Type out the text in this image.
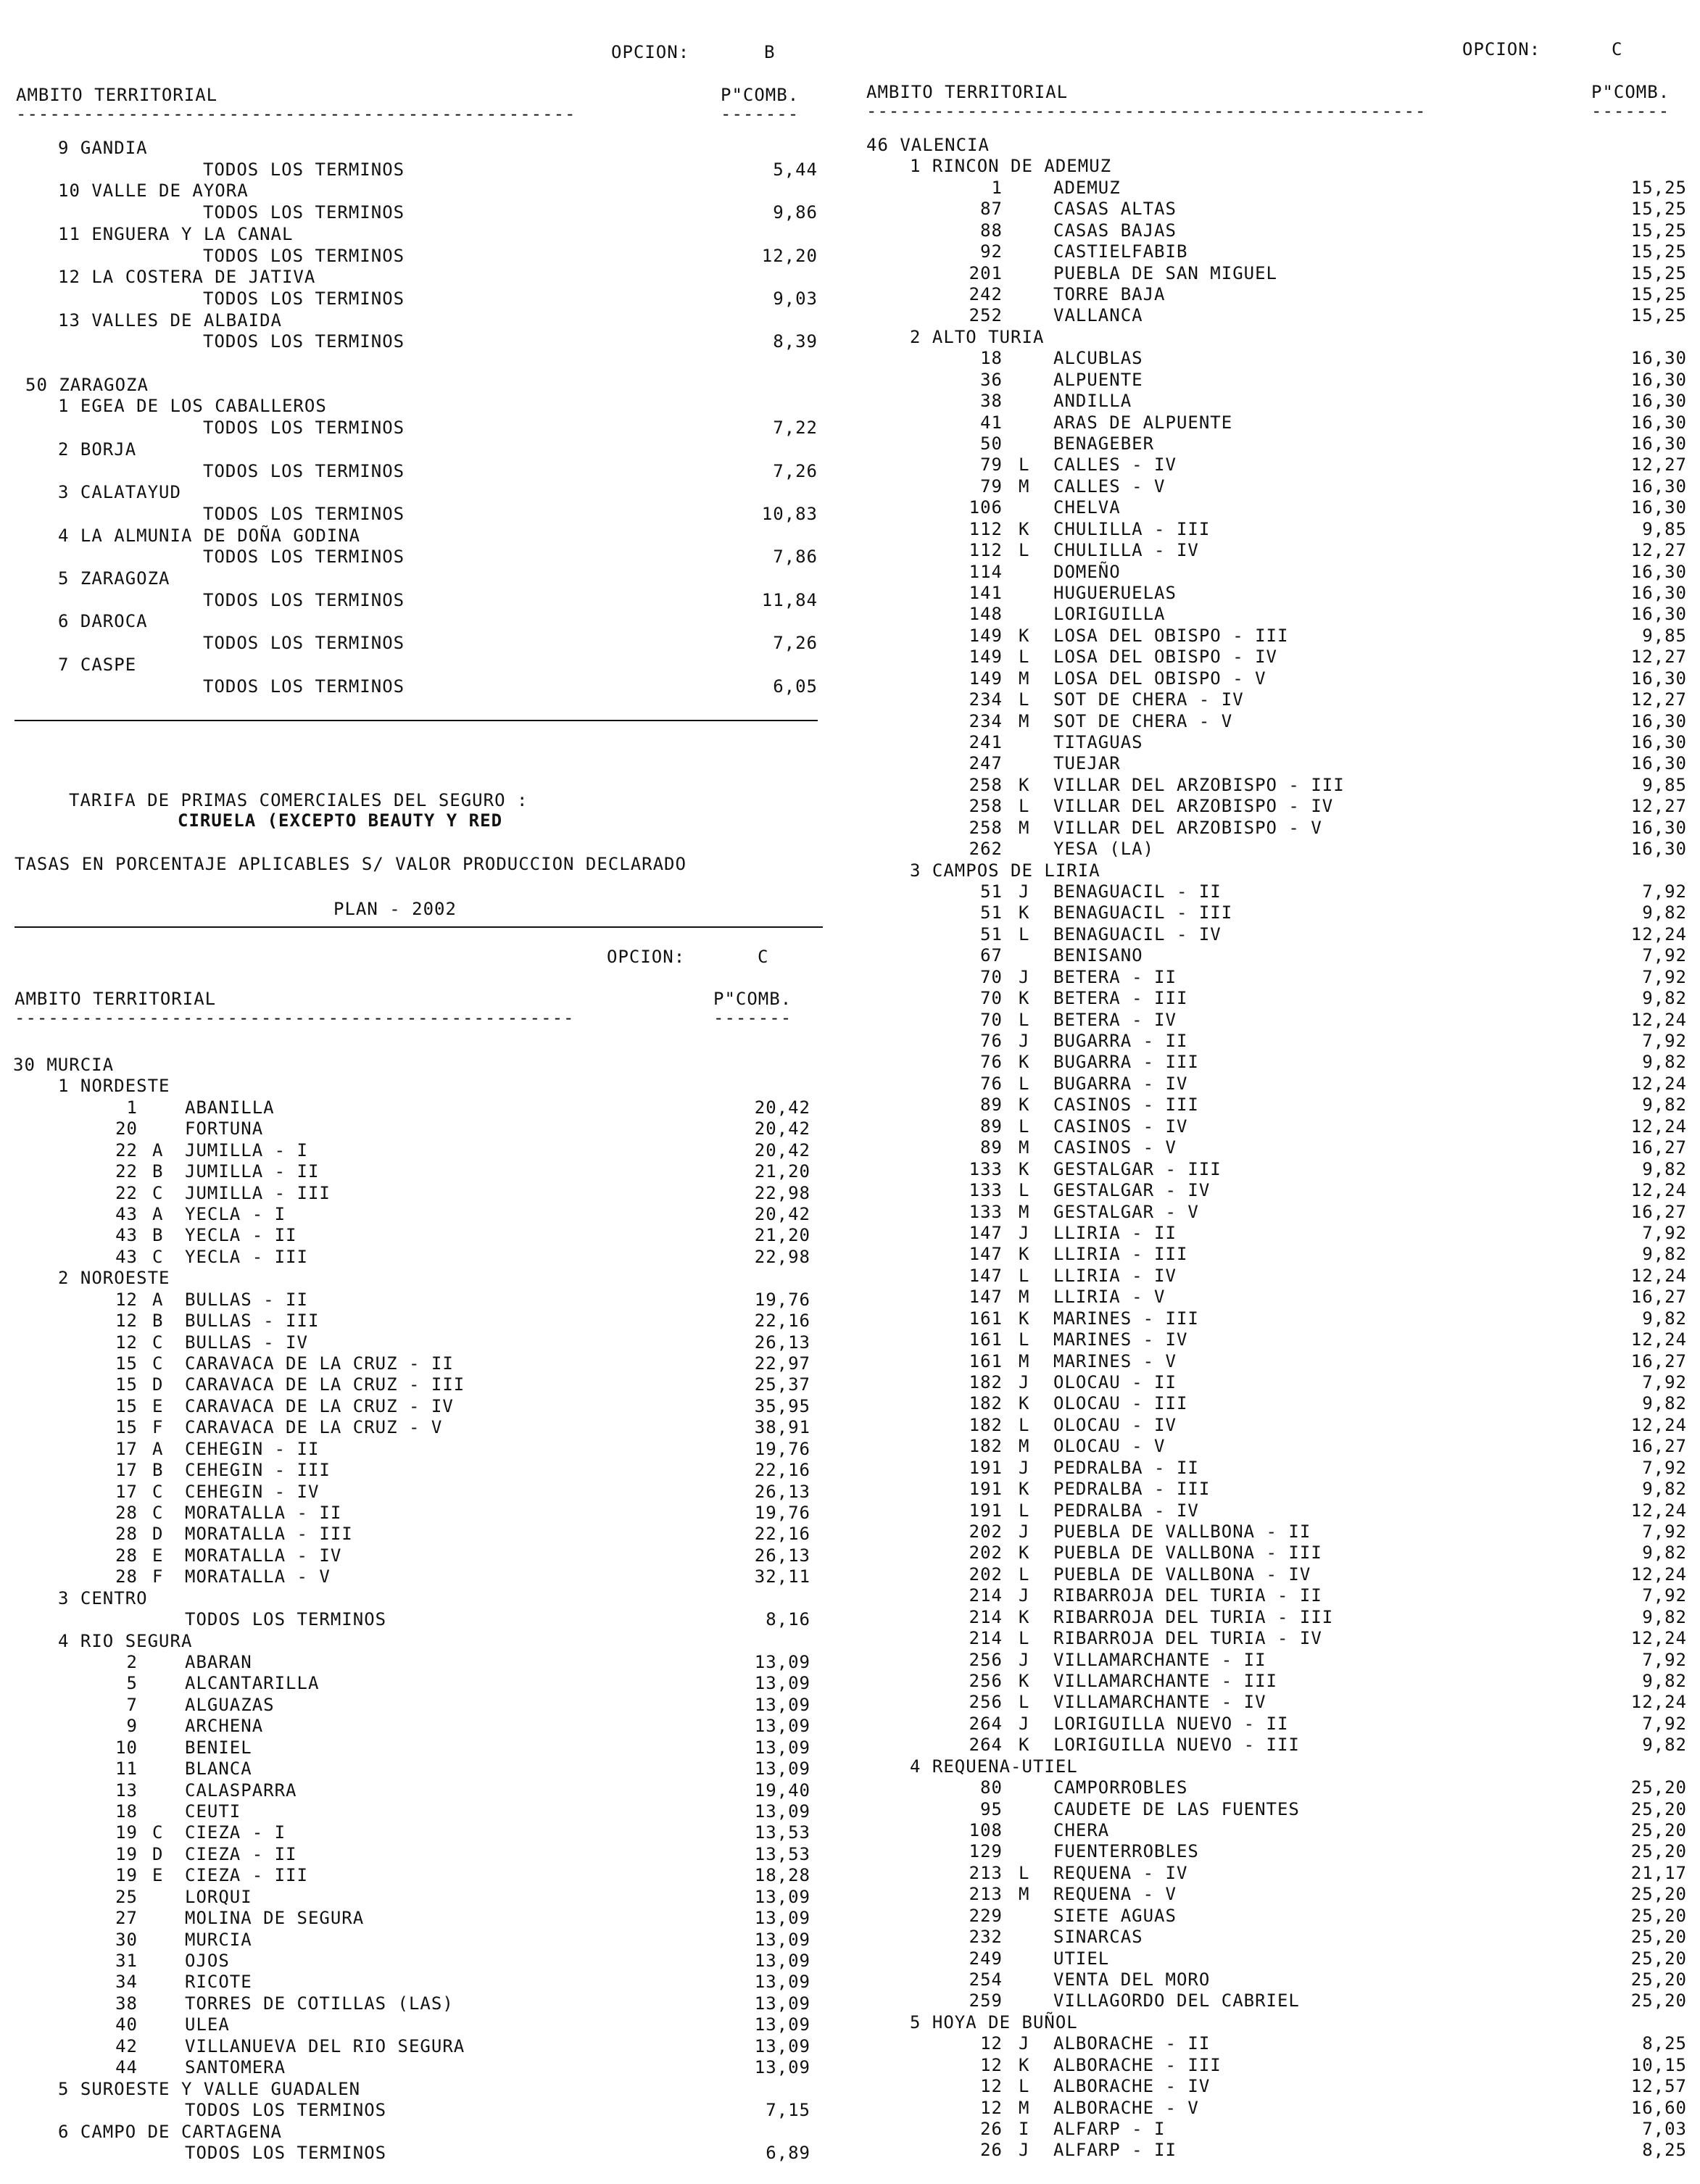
OPCION:	B
AMBITO TERRITORIAL	P"COMB.
--------------------------------------------------	-------
9 GANDIA
TODOS LOS TERMINOS	5,44
10 VALLE DE AYORA
TODOS LOS TERMINOS	9,86
11 ENGUERA Y LA CANAL
TODOS LOS TERMINOS	12,20
12 LA COSTERA DE JATIVA
TODOS LOS TERMINOS	9,03
13 VALLES DE ALBAIDA
TODOS LOS TERMINOS	8,39
50 ZARAGOZA
1 EGEA DE LOS CABALLEROS
TODOS LOS TERMINOS	7,22
2 BORJA
TODOS LOS TERMINOS	7,26
3 CALATAYUD
TODOS LOS TERMINOS	10,83
4 LA ALMUNIA DE DOÑA GODINA
TODOS LOS TERMINOS	7,86
5 ZARAGOZA
TODOS LOS TERMINOS	11,84
6 DAROCA
TODOS LOS TERMINOS	7,26
7 CASPE
TODOS LOS TERMINOS	6,05
TARIFA DE PRIMAS COMERCIALES DEL SEGURO :
CIRUELA (EXCEPTO BEAUTY Y RED
TASAS EN PORCENTAJE APLICABLES S/ VALOR PRODUCCION DECLARADO
PLAN - 2002
OPCION:	C
AMBITO TERRITORIAL	P"COMB.
--------------------------------------------------	-------
30 MURCIA
1 NORDESTE
1	ABANILLA	20,42
20	FORTUNA	20,42
22 A JUMILLA - I	20,42
22 B JUMILLA - II	21,20
22 C JUMILLA - III	22,98
43 A YECLA - I	20,42
43 B YECLA - II	21,20
43 C YECLA - III	22,98
2 NOROESTE
12 A BULLAS - II	19,76
12 B BULLAS - III	22,16
12 C BULLAS - IV	26,13
15 C CARAVACA DE LA CRUZ - II	22,97
15 D CARAVACA DE LA CRUZ - III	25,37
15 E CARAVACA DE LA CRUZ - IV	35,95
15 F CARAVACA DE LA CRUZ - V	38,91
17 A CEHEGIN - II	19,76
17 B CEHEGIN - III	22,16
17 C CEHEGIN - IV	26,13
28 C MORATALLA - II	19,76
28 D MORATALLA - III	22,16
28 E MORATALLA - IV	26,13
28 F MORATALLA - V	32,11
3 CENTRO
TODOS LOS TERMINOS	8,16
4 RIO SEGURA
2	ABARAN	13,09
5	ALCANTARILLA	13,09
7	ALGUAZAS	13,09
9	ARCHENA	13,09
10	BENIEL	13,09
11	BLANCA	13,09
13	CALASPARRA	19,40
18	CEUTI	13,09
19 C CIEZA - I	13,53
19 D CIEZA - II	13,53
19 E CIEZA - III	18,28
25	LORQUI	13,09
27	MOLINA DE SEGURA	13,09
30	MURCIA	13,09
31	OJOS	13,09
34	RICOTE	13,09
38	TORRES DE COTILLAS (LAS)	13,09
40	ULEA	13,09
42	VILLANUEVA DEL RIO SEGURA	13,09
44	SANTOMERA	13,09
5 SUROESTE Y VALLE GUADALEN
TODOS LOS TERMINOS	7,15
6 CAMPO DE CARTAGENA
TODOS LOS TERMINOS	6,89
OPCION:	C
AMBITO TERRITORIAL	P"COMB.
--------------------------------------------------	-------
46 VALENCIA
1 RINCON DE ADEMUZ
1	ADEMUZ	15,25
87	CASAS ALTAS	15,25
88	CASAS BAJAS	15,25
92	CASTIELFABIB	15,25
201	PUEBLA DE SAN MIGUEL	15,25
242	TORRE BAJA	15,25
252	VALLANCA	15,25
2 ALTO TURIA
18	ALCUBLAS	16,30
36	ALPUENTE	16,30
38	ANDILLA	16,30
41	ARAS DE ALPUENTE	16,30
50	BENAGEBER	16,30
79 L CALLES - IV	12,27
79 M CALLES - V	16,30
106	CHELVA	16,30
112 K CHULILLA - III	9,85
112 L CHULILLA - IV	12,27
114	DOMEÑO	16,30
141	HUGUERUELAS	16,30
148	LORIGUILLA	16,30
149 K LOSA DEL OBISPO - III	9,85
149 L LOSA DEL OBISPO - IV	12,27
149 M LOSA DEL OBISPO - V	16,30
234 L SOT DE CHERA - IV	12,27
234 M SOT DE CHERA - V	16,30
241	TITAGUAS	16,30
247	TUEJAR	16,30
258 K VILLAR DEL ARZOBISPO - III	9,85
258 L VILLAR DEL ARZOBISPO - IV	12,27
258 M VILLAR DEL ARZOBISPO - V	16,30
262	YESA (LA)	16,30
3 CAMPOS DE LIRIA
51 J BENAGUACIL - II	7,92
51 K BENAGUACIL - III	9,82
51 L BENAGUACIL - IV	12,24
67	BENISANO	7,92
70 J BETERA - II	7,92
70 K BETERA - III	9,82
70 L BETERA - IV	12,24
76 J BUGARRA - II	7,92
76 K BUGARRA - III	9,82
76 L BUGARRA - IV	12,24
89 K CASINOS - III	9,82
89 L CASINOS - IV	12,24
89 M CASINOS - V	16,27
133 K GESTALGAR - III	9,82
133 L GESTALGAR - IV	12,24
133 M GESTALGAR - V	16,27
147 J LLIRIA - II	7,92
147 K LLIRIA - III	9,82
147 L LLIRIA - IV	12,24
147 M LLIRIA - V	16,27
161 K MARINES - III	9,82
161 L MARINES - IV	12,24
161 M MARINES - V	16,27
182 J OLOCAU - II	7,92
182 K OLOCAU - III	9,82
182 L OLOCAU - IV	12,24
182 M OLOCAU - V	16,27
191 J PEDRALBA - II	7,92
191 K PEDRALBA - III	9,82
191 L PEDRALBA - IV	12,24
202 J PUEBLA DE VALLBONA - II	7,92
202 K PUEBLA DE VALLBONA - III	9,82
202 L PUEBLA DE VALLBONA - IV	12,24
214 J RIBARROJA DEL TURIA - II	7,92
214 K RIBARROJA DEL TURIA - III	9,82
214 L RIBARROJA DEL TURIA - IV	12,24
256 J VILLAMARCHANTE - II	7,92
256 K VILLAMARCHANTE - III	9,82
256 L VILLAMARCHANTE - IV	12,24
264 J LORIGUILLA NUEVO - II	7,92
264 K LORIGUILLA NUEVO - III	9,82
4 REQUENA-UTIEL
80	CAMPORROBLES	25,20
95	CAUDETE DE LAS FUENTES	25,20
108	CHERA	25,20
129	FUENTERROBLES	25,20
213 L REQUENA - IV	21,17
213 M REQUENA - V	25,20
229	SIETE AGUAS	25,20
232	SINARCAS	25,20
249	UTIEL	25,20
254	VENTA DEL MORO	25,20
259	VILLAGORDO DEL CABRIEL	25,20
5 HOYA DE BUÑOL
12 J ALBORACHE - II	8,25
12 K ALBORACHE - III	10,15
12 L ALBORACHE - IV	12,57
12 M ALBORACHE - V	16,60
26 I ALFARP - I	7,03
26 J ALFARP - II	8,25
